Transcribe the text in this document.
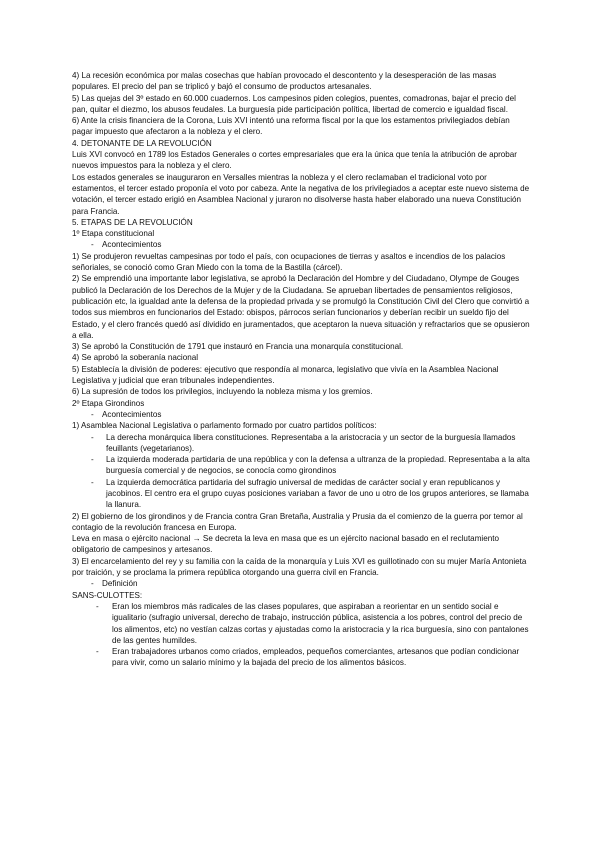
4) La recesión económica por malas cosechas que habían provocado el descontento y la desesperación de las masas populares. El precio del pan se triplicó y bajó el consumo de productos artesanales.

5) Las quejas del 3º estado en 60.000 cuadernos. Los campesinos piden colegios, puentes, comadronas, bajar el precio del pan, quitar el diezmo, los abusos feudales. La burguesía pide participación política, libertad de comercio e igualdad fiscal.

6) Ante la crisis financiera de la Corona, Luis XVI intentó una reforma fiscal por la que los estamentos privilegiados debían pagar impuesto que afectaron a la nobleza y el clero.

4. DETONANTE DE LA REVOLUCIÓN

Luis XVI convocó en 1789 los Estados Generales o cortes empresariales que era la única que tenía la atribución de aprobar nuevos impuestos para la nobleza y el clero.

Los estados generales se inauguraron en Versalles mientras la nobleza y el clero reclamaban el tradicional voto por estamentos, el tercer estado proponía el voto por cabeza. Ante la negativa de los privilegiados a aceptar este nuevo sistema de votación, el tercer estado erigió en Asamblea Nacional y juraron no disolverse hasta haber elaborado una nueva Constitución para Francia.

5. ETAPAS DE LA REVOLUCIÓN

1º Etapa constitucional

- Acontecimientos

1) Se produjeron revueltas campesinas por todo el país, con ocupaciones de tierras y asaltos e incendios de los palacios señoriales, se conoció como Gran Miedo con la toma de la Bastilla (cárcel).

2) Se emprendió una importante labor legislativa, se aprobó la Declaración del Hombre y del Ciudadano, Olympe de Gouges publicó la Declaración de los Derechos de la Mujer y de la Ciudadana. Se aprueban libertades de pensamientos religiosos, publicación etc, la igualdad ante la defensa de la propiedad privada y se promulgó la Constitución Civil del Clero que convirtió a todos sus miembros en funcionarios del Estado: obispos, párrocos serían funcionarios y deberían recibir un sueldo fijo del Estado, y el clero francés quedó así dividido en juramentados, que aceptaron la nueva situación y refractarios que se opusieron a ella.

3) Se aprobó la Constitución de 1791 que instauró en Francia una monarquía constitucional.

4) Se aprobó la soberanía nacional

5) Establecía la división de poderes: ejecutivo que respondía al monarca, legislativo que vivía en la Asamblea Nacional Legislativa y judicial que eran tribunales independientes.

6) La supresión de todos los privilegios, incluyendo la nobleza misma y los gremios.

2º Etapa Girondinos

- Acontecimientos

1) Asamblea Nacional Legislativa o parlamento formado por cuatro partidos políticos:

- La derecha monárquica libera constituciones. Representaba a la aristocracia y un sector de la burguesía llamados feuillants (vegetarianos).

- La izquierda moderada partidaria de una república y con la defensa a ultranza de la propiedad. Representaba a la alta burguesía comercial y de negocios, se conocía como girondinos

- La izquierda democrática partidaria del sufragio universal de medidas de carácter social y eran republicanos y jacobinos. El centro era el grupo cuyas posiciones variaban a favor de uno u otro de los grupos anteriores, se llamaba la llanura.

2) El gobierno de los girondinos y de Francia contra Gran Bretaña, Australia y Prusia da el comienzo de la guerra por temor al contagio de la revolución francesa en Europa.

Leva en masa o ejército nacional → Se decreta la leva en masa que es un ejército nacional basado en el reclutamiento obligatorio de campesinos y artesanos.

3) El encarcelamiento del rey y su familia con la caída de la monarquía y Luis XVI es guillotinado con su mujer María Antonieta por traición, y se proclama la primera república otorgando una guerra civil en Francia.

- Definición

SANS-CULOTTES:

- Eran los miembros más radicales de las clases populares, que aspiraban a reorientar en un sentido social e igualitario (sufragio universal, derecho de trabajo, instrucción pública, asistencia a los pobres, control del precio de los alimentos, etc) no vestían calzas cortas y ajustadas como la aristocracia y la rica burguesía, sino con pantalones de las gentes humildes.

- Eran trabajadores urbanos como criados, empleados, pequeños comerciantes, artesanos que podían condicionar para vivir, como un salario mínimo y la bajada del precio de los alimentos básicos.
